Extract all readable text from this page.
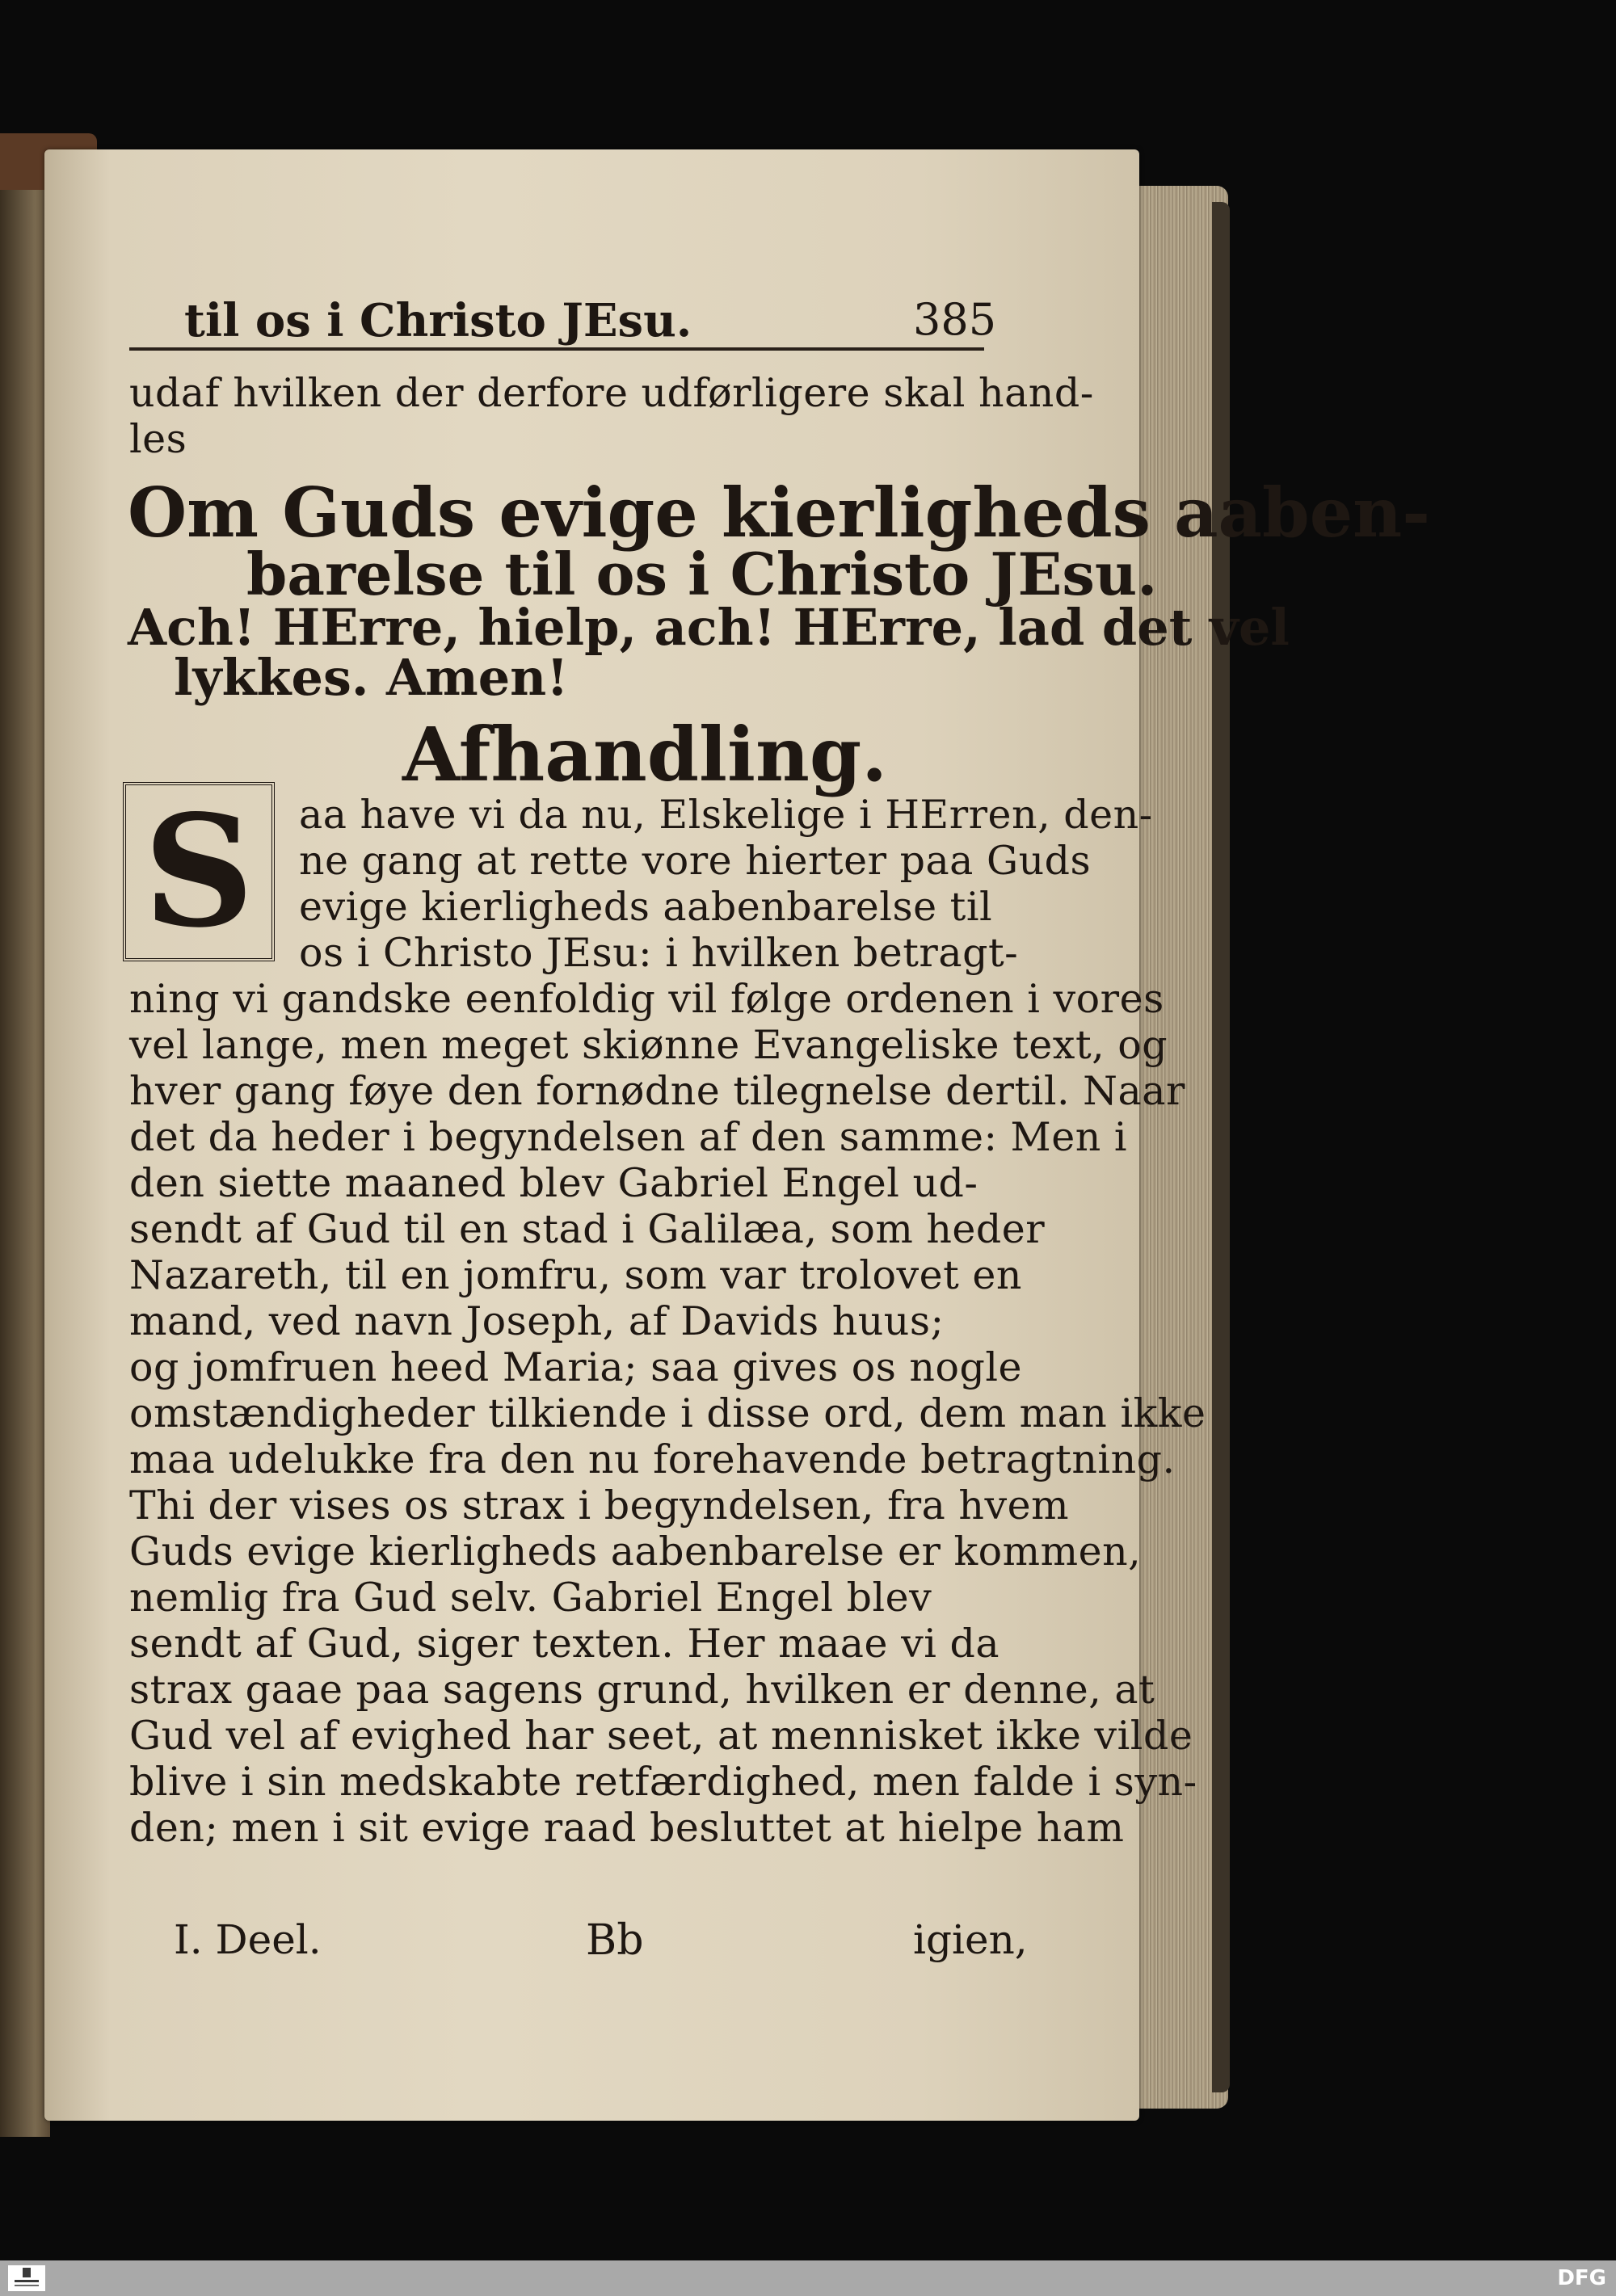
til os i Christo JEsu.	385
udaf hvilken der derfore udførligere skal hand-
les
Om Guds evige kierligheds aaben-
barelse til os i Christo JEsu.
Ach! HErre, hielp, ach! HErre, lad det vel
lykkes. Amen!
Afhandling.
S	aa have vi da nu, Elskelige i HErren, den-
ne gang at rette vore hierter paa Guds
evige kierligheds aabenbarelse til
os i Christo JEsu: i hvilken betragt-
ning vi gandske eenfoldig vil følge ordenen i vores
vel lange, men meget skiønne Evangeliske text, og
hver gang føye den fornødne tilegnelse dertil. Naar
det da heder i begyndelsen af den samme: Men i
den siette maaned blev Gabriel Engel ud-
sendt af Gud til en stad i Galilæa, som heder
Nazareth, til en jomfru, som var trolovet en
mand, ved navn Joseph, af Davids huus;
og jomfruen heed Maria; saa gives os nogle
omstændigheder tilkiende i disse ord, dem man ikke
maa udelukke fra den nu forehavende betragtning.
Thi der vises os strax i begyndelsen, fra hvem
Guds evige kierligheds aabenbarelse er kommen,
nemlig fra Gud selv. Gabriel Engel blev
sendt af Gud, siger texten. Her maae vi da
strax gaae paa sagens grund, hvilken er denne, at
Gud vel af evighed har seet, at mennisket ikke vilde
blive i sin medskabte retfærdighed, men falde i syn-
den; men i sit evige raad besluttet at hielpe ham
I. Deel.	Bb	igien,
DFG
